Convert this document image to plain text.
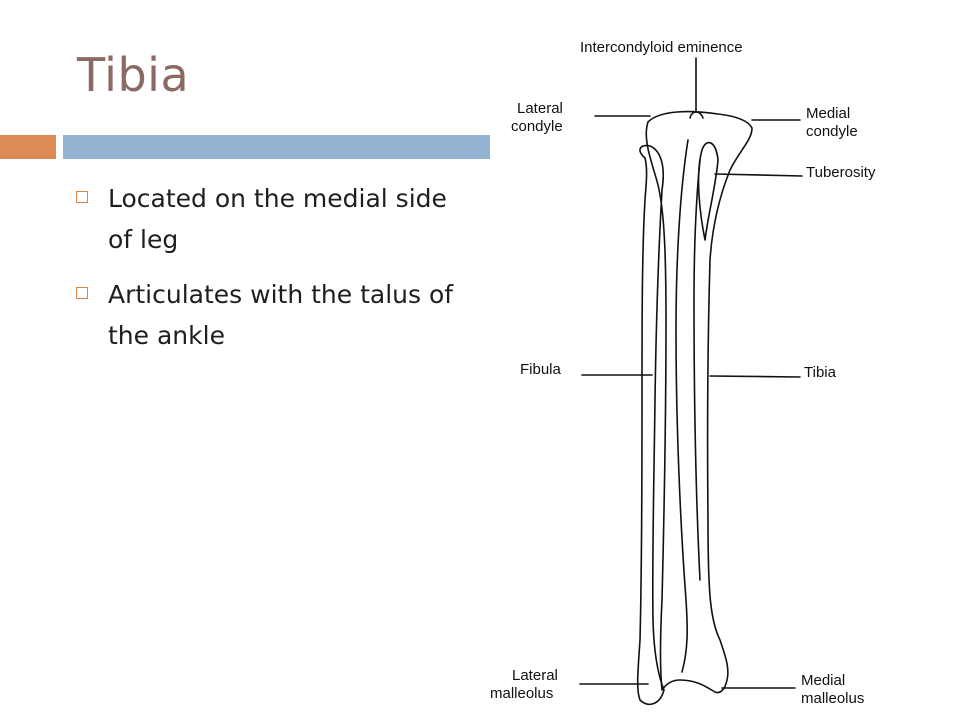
Tibia
Located on the medial side of leg
Articulates with the talus of the ankle
Intercondyloid eminence
Lateral condyle
Medial condyle
Tuberosity
Fibula	Tibia
Lateral malleolus
Medial malleolus
